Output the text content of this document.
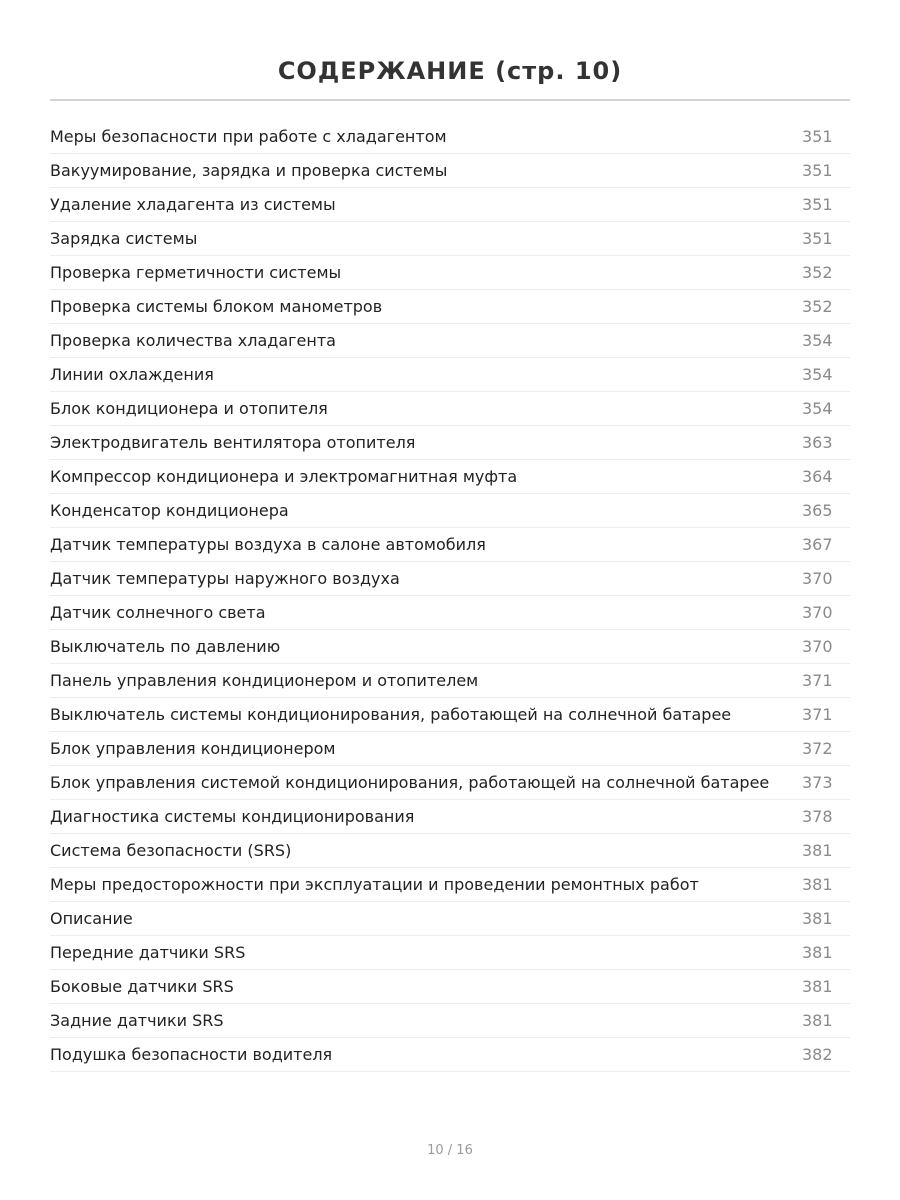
СОДЕРЖАНИЕ (стр. 10)
Меры безопасности при работе с хладагентом	351
Вакуумирование, зарядка и проверка системы	351
Удаление хладагента из системы	351
Зарядка системы	351
Проверка герметичности системы	352
Проверка системы блоком манометров	352
Проверка количества хладагента	354
Линии охлаждения	354
Блок кондиционера и отопителя	354
Электродвигатель вентилятора отопителя	363
Компрессор кондиционера и электромагнитная муфта	364
Конденсатор кондиционера	365
Датчик температуры воздуха в салоне автомобиля	367
Датчик температуры наружного воздуха	370
Датчик солнечного света	370
Выключатель по давлению	370
Панель управления кондиционером и отопителем	371
Выключатель системы кондиционирования, работающей на солнечной батарее	371
Блок управления кондиционером	372
Блок управления системой кондиционирования, работающей на солнечной батарее 373
Диагностика системы кондиционирования	378
Система безопасности (SRS)	381
Меры предосторожности при эксплуатации и проведении ремонтных работ	381
Описание	381
Передние датчики SRS	381
Боковые датчики SRS	381
Задние датчики SRS	381
Подушка безопасности водителя	382
10 / 16
